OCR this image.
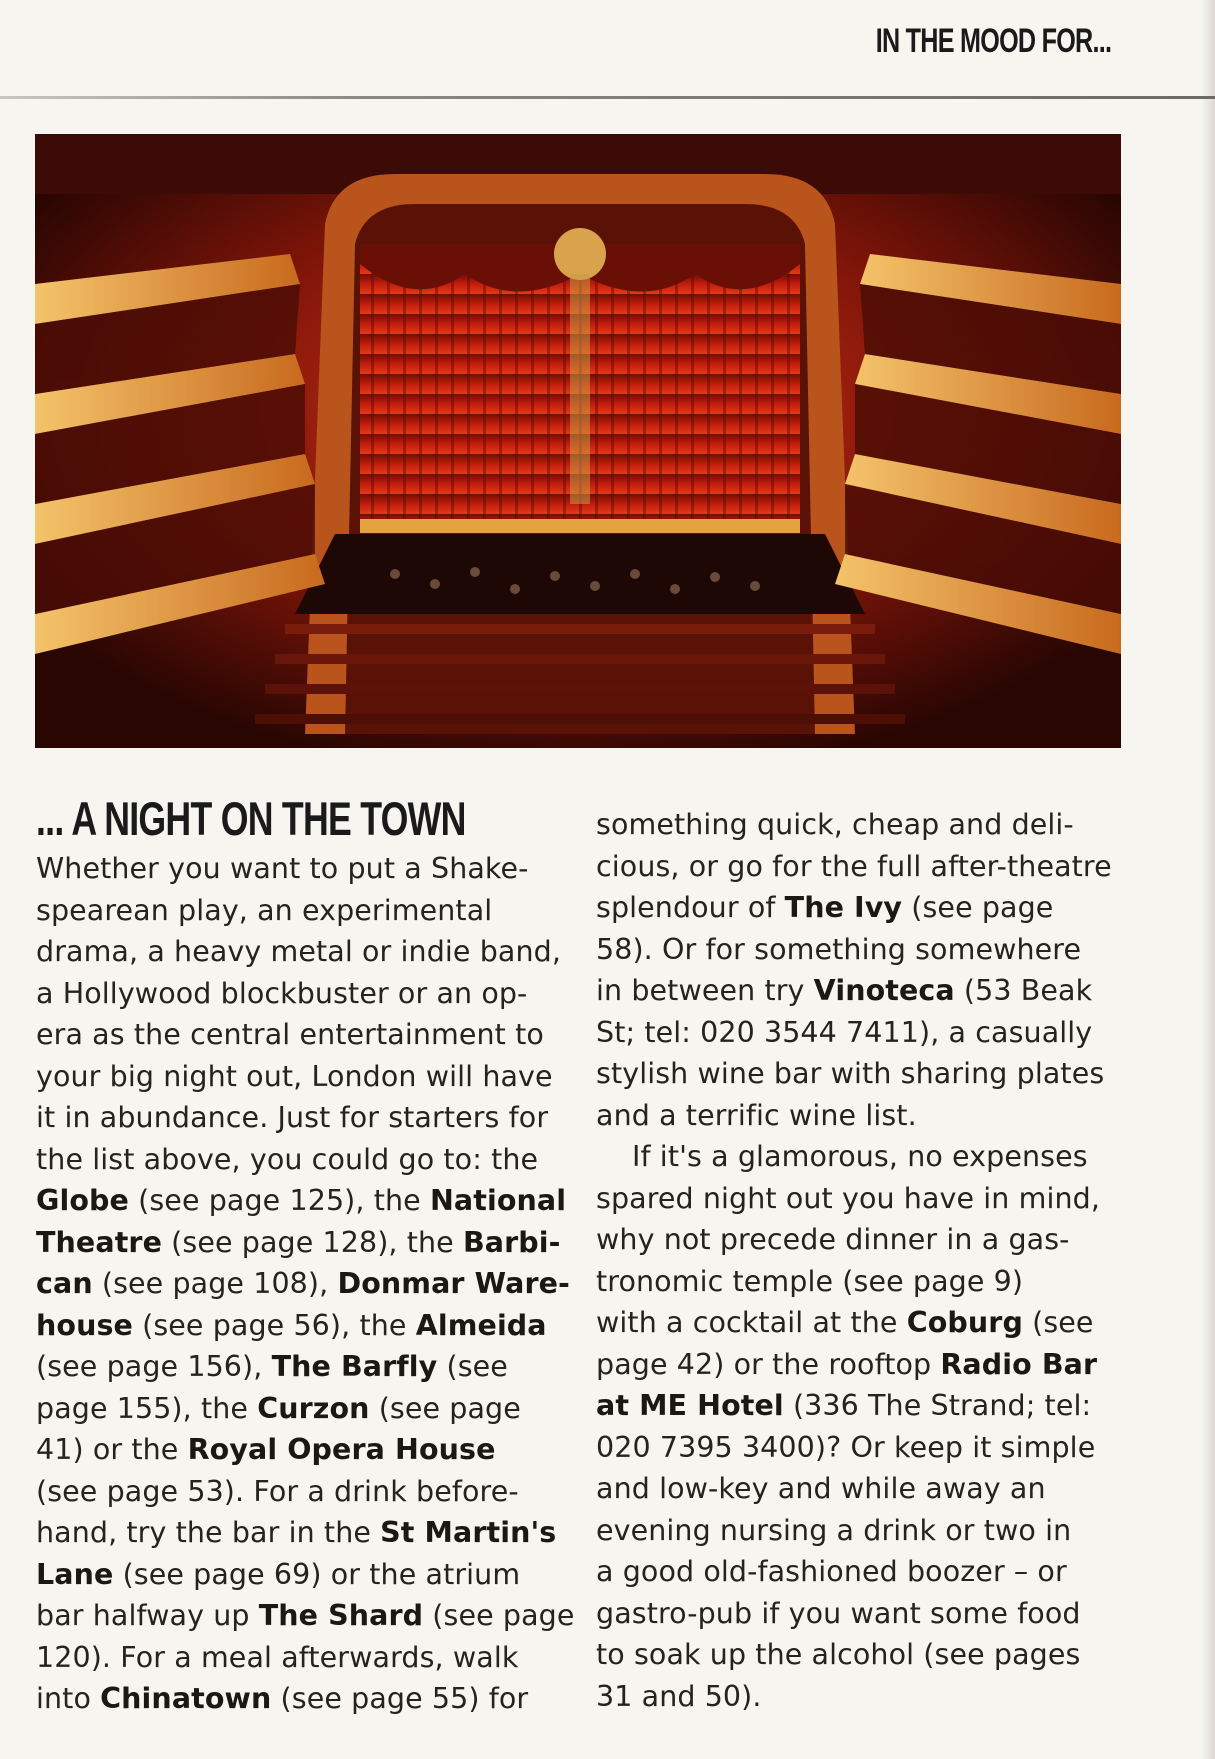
IN THE MOOD FOR...
... A NIGHT ON THE TOWN
Whether you want to put a Shake-
spearean play, an experimental
drama, a heavy metal or indie band,
a Hollywood blockbuster or an op-
era as the central entertainment to
your big night out, London will have
it in abundance. Just for starters for
the list above, you could go to: the
Globe (see page 125), the National
Theatre (see page 128), the Barbi-
can (see page 108), Donmar Ware-
house (see page 56), the Almeida
(see page 156), The Barfly (see
page 155), the Curzon (see page
41) or the Royal Opera House
(see page 53). For a drink before-
hand, try the bar in the St Martin's
Lane (see page 69) or the atrium
bar halfway up The Shard (see page
120). For a meal afterwards, walk
into Chinatown (see page 55) for
something quick, cheap and deli-
cious, or go for the full after-theatre
splendour of The Ivy (see page
58). Or for something somewhere
in between try Vinoteca (53 Beak
St; tel: 020 3544 7411), a casually
stylish wine bar with sharing plates
and a terrific wine list.
If it's a glamorous, no expenses
spared night out you have in mind,
why not precede dinner in a gas-
tronomic temple (see page 9)
with a cocktail at the Coburg (see
page 42) or the rooftop Radio Bar
at ME Hotel (336 The Strand; tel:
020 7395 3400)? Or keep it simple
and low-key and while away an
evening nursing a drink or two in
a good old-fashioned boozer – or
gastro-pub if you want some food
to soak up the alcohol (see pages
31 and 50).
